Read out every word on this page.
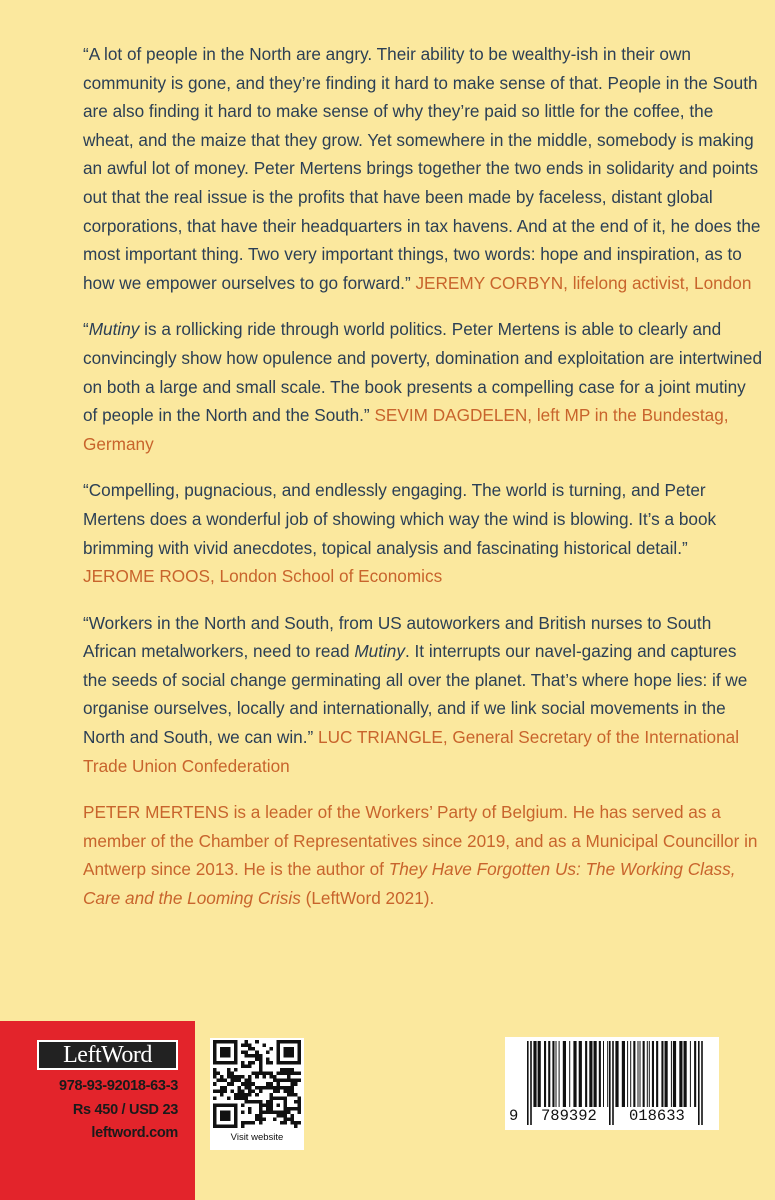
“A lot of people in the North are angry. Their ability to be wealthy-ish in their own community is gone, and they’re finding it hard to make sense of that. People in the South are also finding it hard to make sense of why they’re paid so little for the coffee, the wheat, and the maize that they grow. Yet somewhere in the middle, somebody is making an awful lot of money. Peter Mertens brings together the two ends in solidarity and points out that the real issue is the profits that have been made by faceless, distant global corporations, that have their headquarters in tax havens. And at the end of it, he does the most important thing. Two very important things, two words: hope and inspiration, as to how we empower ourselves to go forward.” JEREMY CORBYN, lifelong activist, London

“Mutiny is a rollicking ride through world politics. Peter Mertens is able to clearly and convincingly show how opulence and poverty, domination and exploitation are intertwined on both a large and small scale. The book presents a compelling case for a joint mutiny of people in the North and the South.” SEVIM DAGDELEN, left MP in the Bundestag, Germany

“Compelling, pugnacious, and endlessly engaging. The world is turning, and Peter Mertens does a wonderful job of showing which way the wind is blowing. It’s a book brimming with vivid anecdotes, topical analysis and fascinating historical detail.” JEROME ROOS, London School of Economics

“Workers in the North and South, from US autoworkers and British nurses to South African metalworkers, need to read Mutiny. It interrupts our navel-gazing and captures the seeds of social change germinating all over the planet. That’s where hope lies: if we organise ourselves, locally and internationally, and if we link social movements in the North and South, we can win.” LUC TRIANGLE, General Secretary of the International Trade Union Confederation

PETER MERTENS is a leader of the Workers’ Party of Belgium. He has served as a member of the Chamber of Representatives since 2019, and as a Municipal Councillor in Antwerp since 2013. He is the author of They Have Forgotten Us: The Working Class, Care and the Looming Crisis (LeftWord 2021).

LeftWord
978-93-92018-63-3
Rs 450 / USD 23
leftword.com	Visit website
9 789392 018633
